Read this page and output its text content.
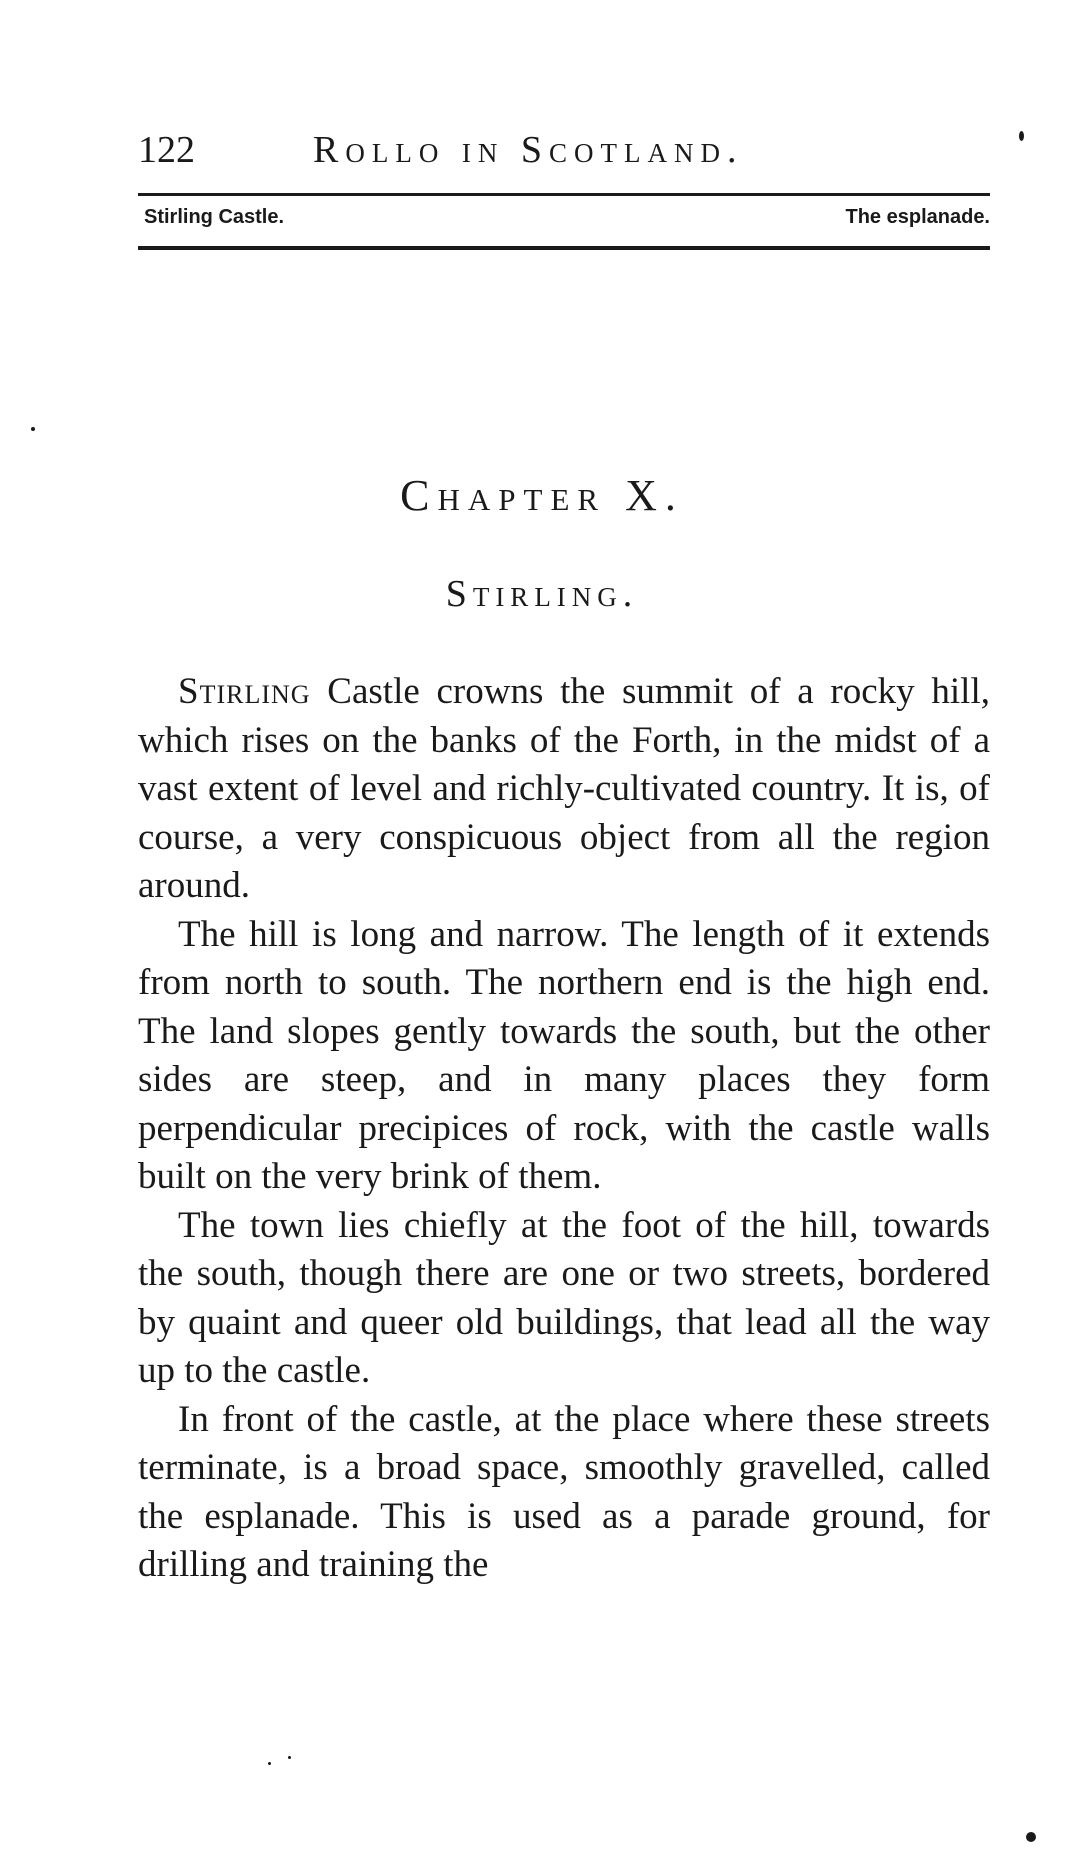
122	Rollo in Scotland.
Stirling Castle.	The esplanade.
Chapter X.
Stirling.

Stirling Castle crowns the summit of a rocky hill, which rises on the banks of the Forth, in the midst of a vast extent of level and richly-cultivated country. It is, of course, a very conspicuous object from all the region around.

The hill is long and narrow. The length of it extends from north to south. The northern end is the high end. The land slopes gently towards the south, but the other sides are steep, and in many places they form perpendicular precipices of rock, with the castle walls built on the very brink of them.

The town lies chiefly at the foot of the hill, towards the south, though there are one or two streets, bordered by quaint and queer old buildings, that lead all the way up to the castle.

In front of the castle, at the place where these streets terminate, is a broad space, smoothly gravelled, called the esplanade. This is used as a parade ground, for drilling and training the
